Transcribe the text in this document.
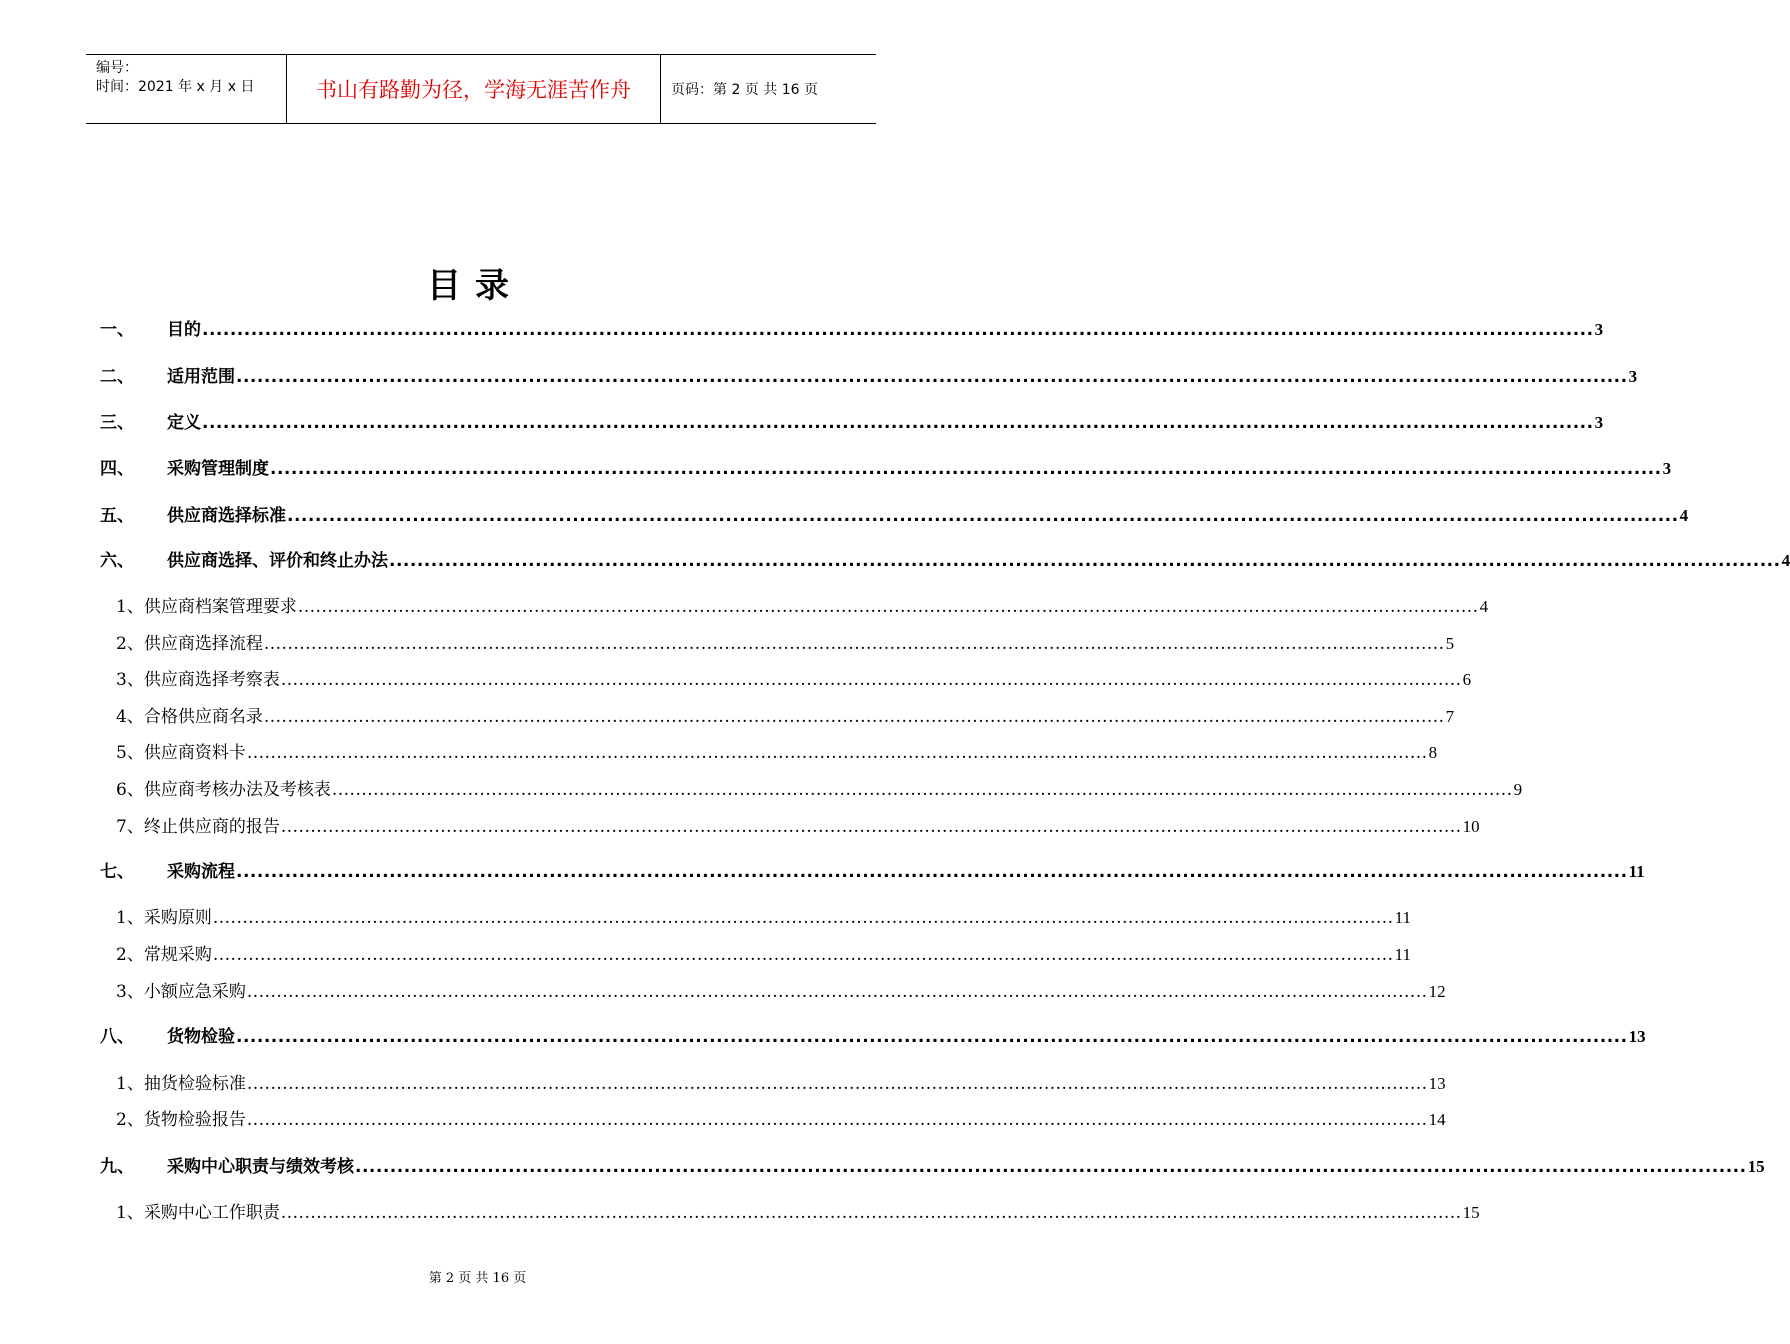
编号：
时间：2021 年 x 月 x 日	书山有路勤为径，学海无涯苦作舟	页码：第 2 页 共 16 页
目录
一、	目的 ........................................................................................................................................................................................................ 3
二、	适用范围 ........................................................................................................................................................................................................ 3
三、	定义 ........................................................................................................................................................................................................ 3
四、	采购管理制度 ........................................................................................................................................................................................................ 3
五、	供应商选择标准 ........................................................................................................................................................................................................ 4
六、	供应商选择、评价和终止办法 ........................................................................................................................................................................................................ 4
1、供应商档案管理要求 ........................................................................................................................................................................................................ 4
2、供应商选择流程 ........................................................................................................................................................................................................ 5
3、供应商选择考察表 ........................................................................................................................................................................................................ 6
4、合格供应商名录 ........................................................................................................................................................................................................ 7
5、供应商资料卡 ........................................................................................................................................................................................................ 8
6、供应商考核办法及考核表 ........................................................................................................................................................................................................ 9
7、终止供应商的报告 ........................................................................................................................................................................................................ 10
七、	采购流程 ........................................................................................................................................................................................................ 11
1、采购原则 ........................................................................................................................................................................................................ 11
2、常规采购 ........................................................................................................................................................................................................ 11
3、小额应急采购 ........................................................................................................................................................................................................ 12
八、	货物检验 ........................................................................................................................................................................................................ 13
1、抽货检验标准 ........................................................................................................................................................................................................ 13
2、货物检验报告 ........................................................................................................................................................................................................ 14
九、	采购中心职责与绩效考核 ........................................................................................................................................................................................................ 15
1、采购中心工作职责 ........................................................................................................................................................................................................ 15
第 2 页 共 16 页
